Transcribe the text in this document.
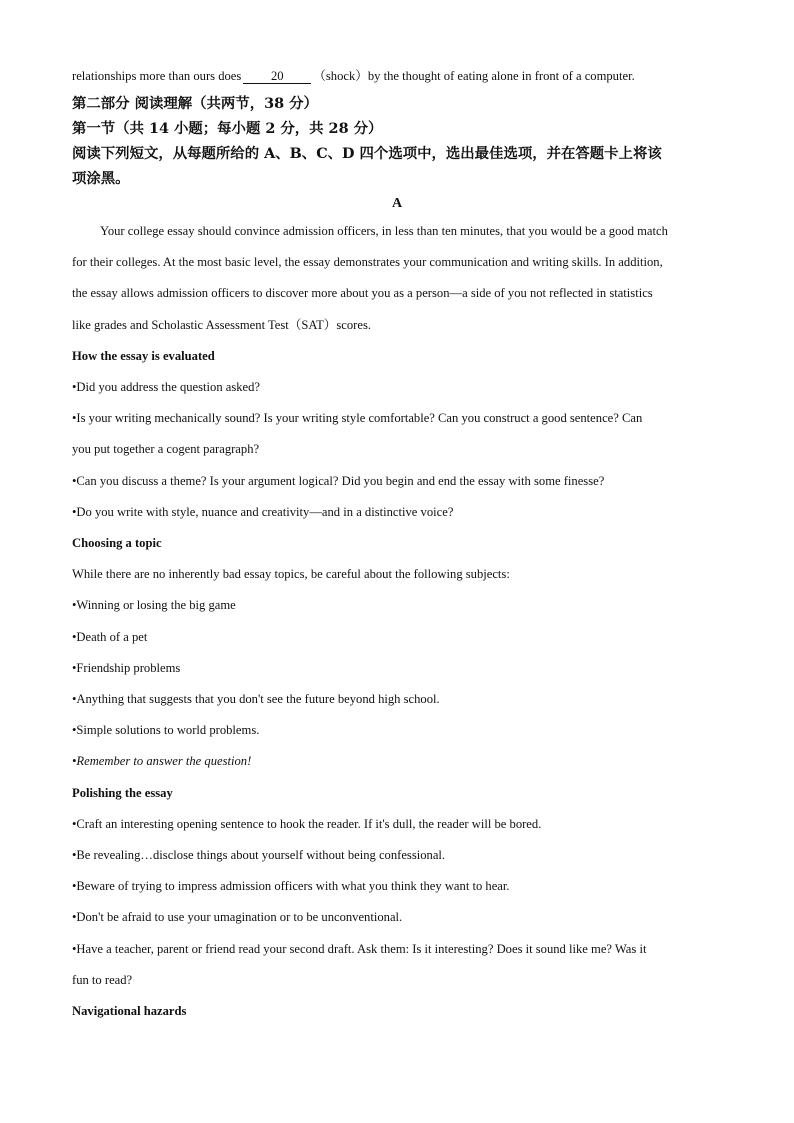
relationships more than ours does 20 （shock）by the thought of eating alone in front of a computer.
第二部分 阅读理解（共两节，38 分）
第一节（共 14 小题；每小题 2 分，共 28 分）
阅读下列短文，从每题所给的 A、B、C、D 四个选项中，选出最佳选项，并在答题卡上将该
项涂黑。
A
Your college essay should convince admission officers, in less than ten minutes, that you would be a good match
for their colleges. At the most basic level, the essay demonstrates your communication and writing skills. In addition,
the essay allows admission officers to discover more about you as a person—a side of you not reflected in statistics
like grades and Scholastic Assessment Test（SAT）scores.
How the essay is evaluated
•Did you address the question asked?
•Is your writing mechanically sound? Is your writing style comfortable? Can you construct a good sentence? Can
you put together a cogent paragraph?
•Can you discuss a theme? Is your argument logical? Did you begin and end the essay with some finesse?
•Do you write with style, nuance and creativity—and in a distinctive voice?
Choosing a topic
While there are no inherently bad essay topics, be careful about the following subjects:
•Winning or losing the big game
•Death of a pet
•Friendship problems
•Anything that suggests that you don't see the future beyond high school.
•Simple solutions to world problems.
•Remember to answer the question!
Polishing the essay
•Craft an interesting opening sentence to hook the reader. If it's dull, the reader will be bored.
•Be revealing…disclose things about yourself without being confessional.
•Beware of trying to impress admission officers with what you think they want to hear.
•Don't be afraid to use your umagination or to be unconventional.
•Have a teacher, parent or friend read your second draft. Ask them: Is it interesting? Does it sound like me? Was it
fun to read?
Navigational hazards
